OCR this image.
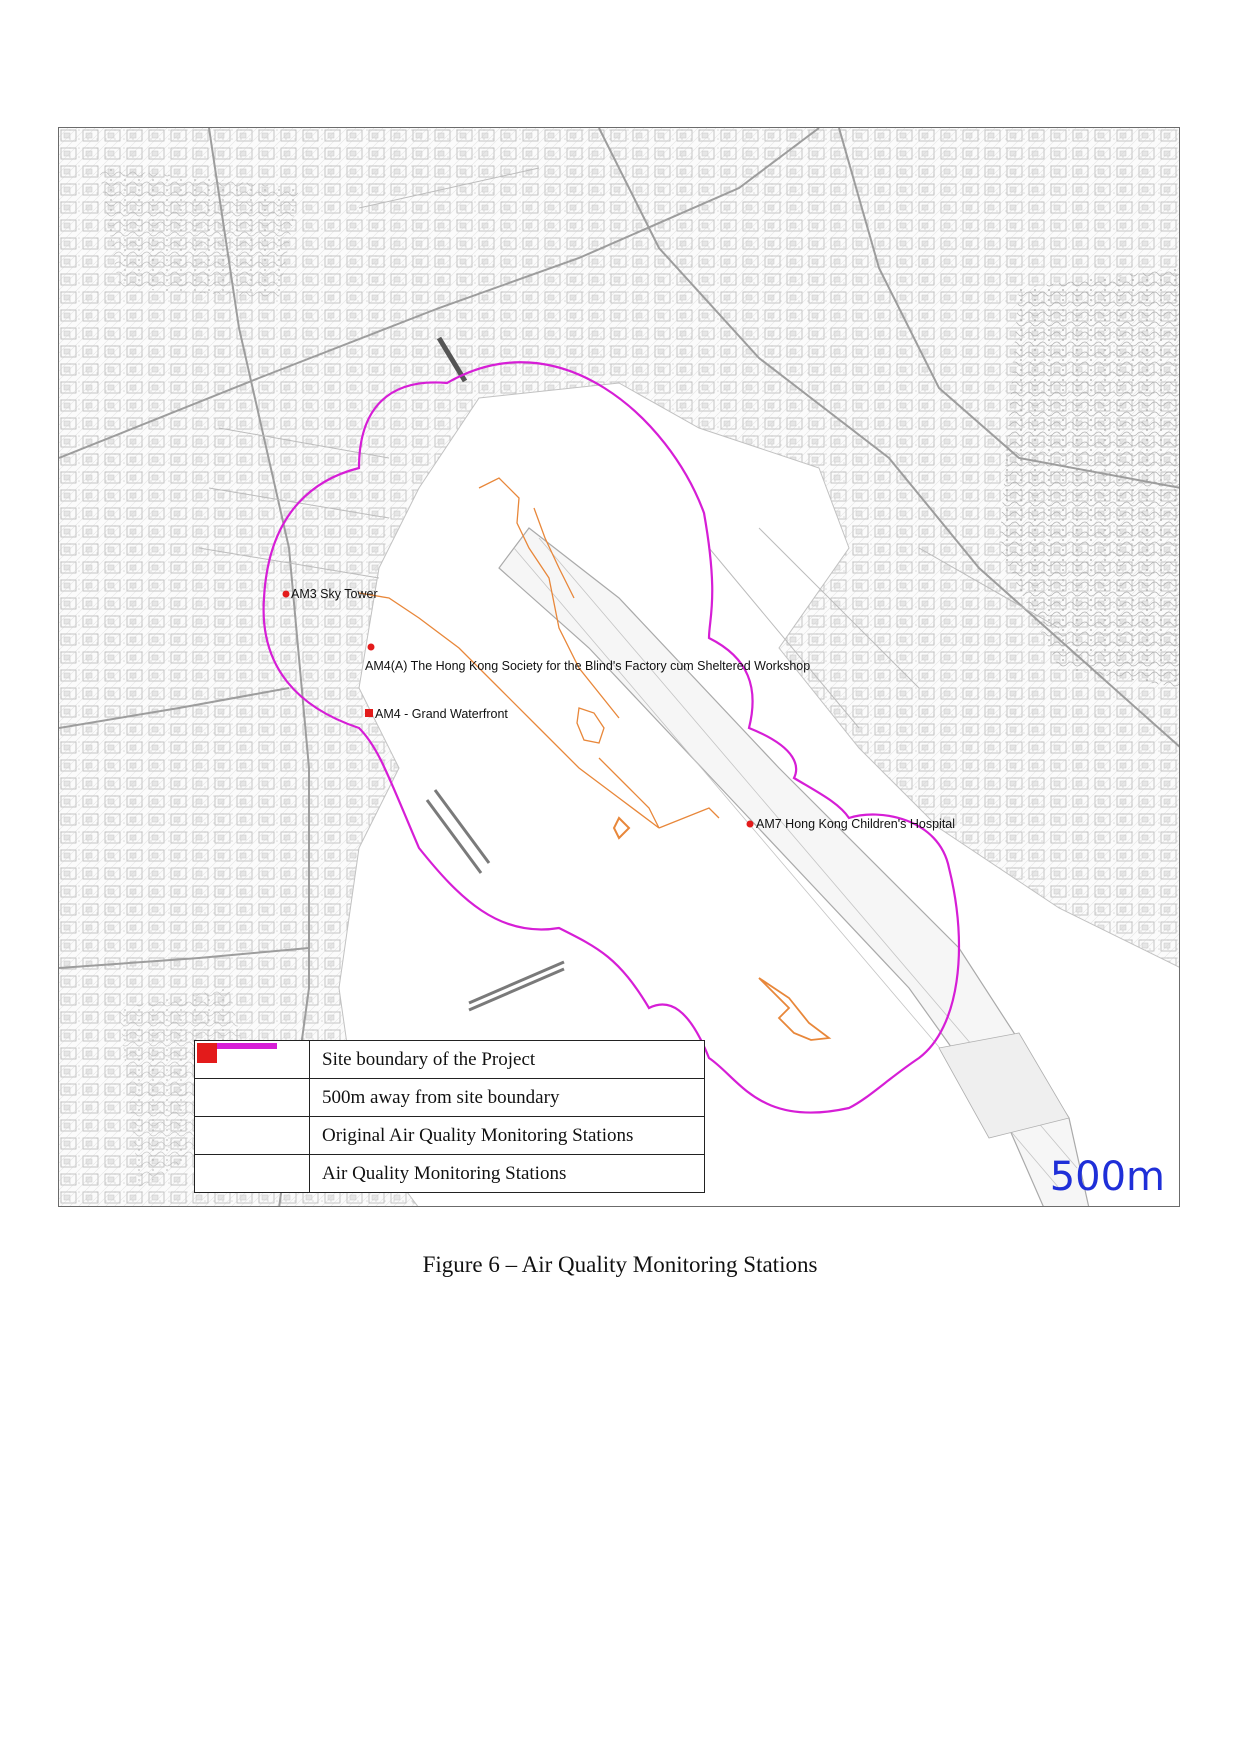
AM3 Sky Tower
AM4(A) The Hong Kong Society for the Blind's Factory cum Sheltered Workshop
AM4 - Grand Waterfront
AM7 Hong Kong Children's Hospital
500m
	Site boundary of the Project

	500m away from site boundary

	Original Air Quality Monitoring Stations

	Air Quality Monitoring Stations
Figure 6 – Air Quality Monitoring Stations
